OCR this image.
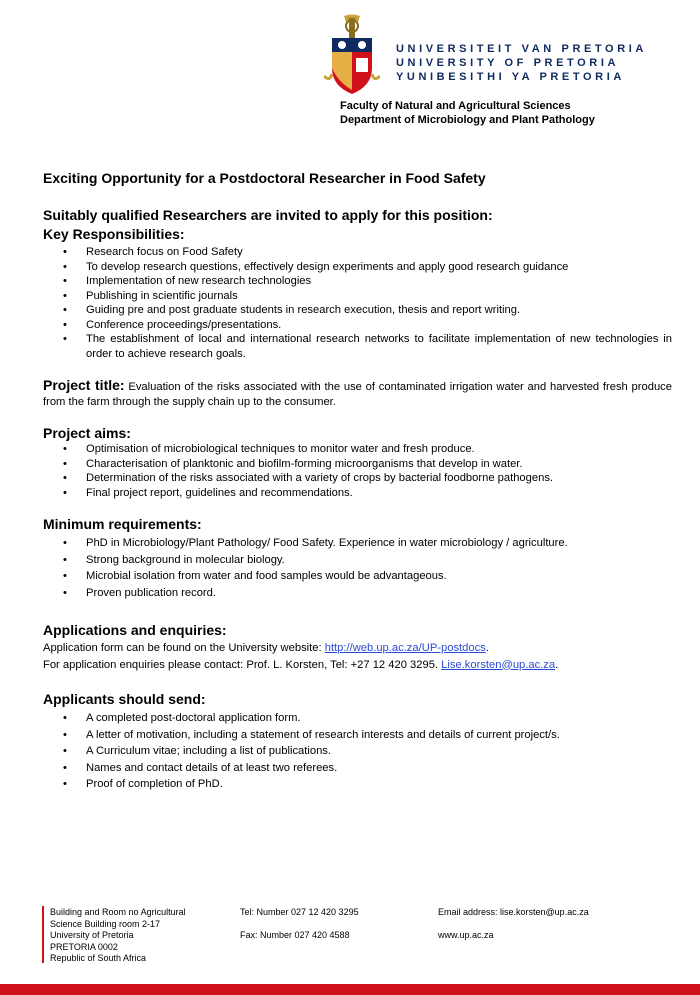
UNIVERSITEIT VAN PRETORIA
UNIVERSITY OF PRETORIA
YUNIBESITHI YA PRETORIA
Faculty of Natural and Agricultural Sciences
Department of Microbiology and Plant Pathology
Exciting Opportunity for a Postdoctoral Researcher in Food Safety
Suitably qualified Researchers are invited to apply for this position:
Key Responsibilities:
• Research focus on Food Safety
• To develop research questions, effectively design experiments and apply good research guidance
• Implementation of new research technologies
• Publishing in scientific journals
• Guiding pre and post graduate students in research execution, thesis and report writing.
• Conference proceedings/presentations.
• The establishment of local and international research networks to facilitate implementation of new technologies in order to achieve research goals.
Project title: Evaluation of the risks associated with the use of contaminated irrigation water and harvested fresh produce from the farm through the supply chain up to the consumer.
Project aims:
• Optimisation of microbiological techniques to monitor water and fresh produce.
• Characterisation of planktonic and biofilm-forming microorganisms that develop in water.
• Determination of the risks associated with a variety of crops by bacterial foodborne pathogens.
• Final project report, guidelines and recommendations.
Minimum requirements:
• PhD in Microbiology/Plant Pathology/ Food Safety. Experience in water microbiology / agriculture.
• Strong background in molecular biology.
• Microbial isolation from water and food samples would be advantageous.
• Proven publication record.
Applications and enquiries:
Application form can be found on the University website: http://web.up.ac.za/UP-postdocs.
For application enquiries please contact: Prof. L. Korsten, Tel: +27 12 420 3295. Lise.korsten@up.ac.za.
Applicants should send:
• A completed post-doctoral application form.
• A letter of motivation, including a statement of research interests and details of current project/s.
• A Curriculum vitae; including a list of publications.
• Names and contact details of at least two referees.
• Proof of completion of PhD.
Building and Room no Agricultural
Science Building room 2-17
University of Pretoria
PRETORIA 0002
Republic of South Africa
Tel: Number 027 12 420 3295
Fax: Number 027 420 4588
Email address: lise.korsten@up.ac.za
www.up.ac.za
